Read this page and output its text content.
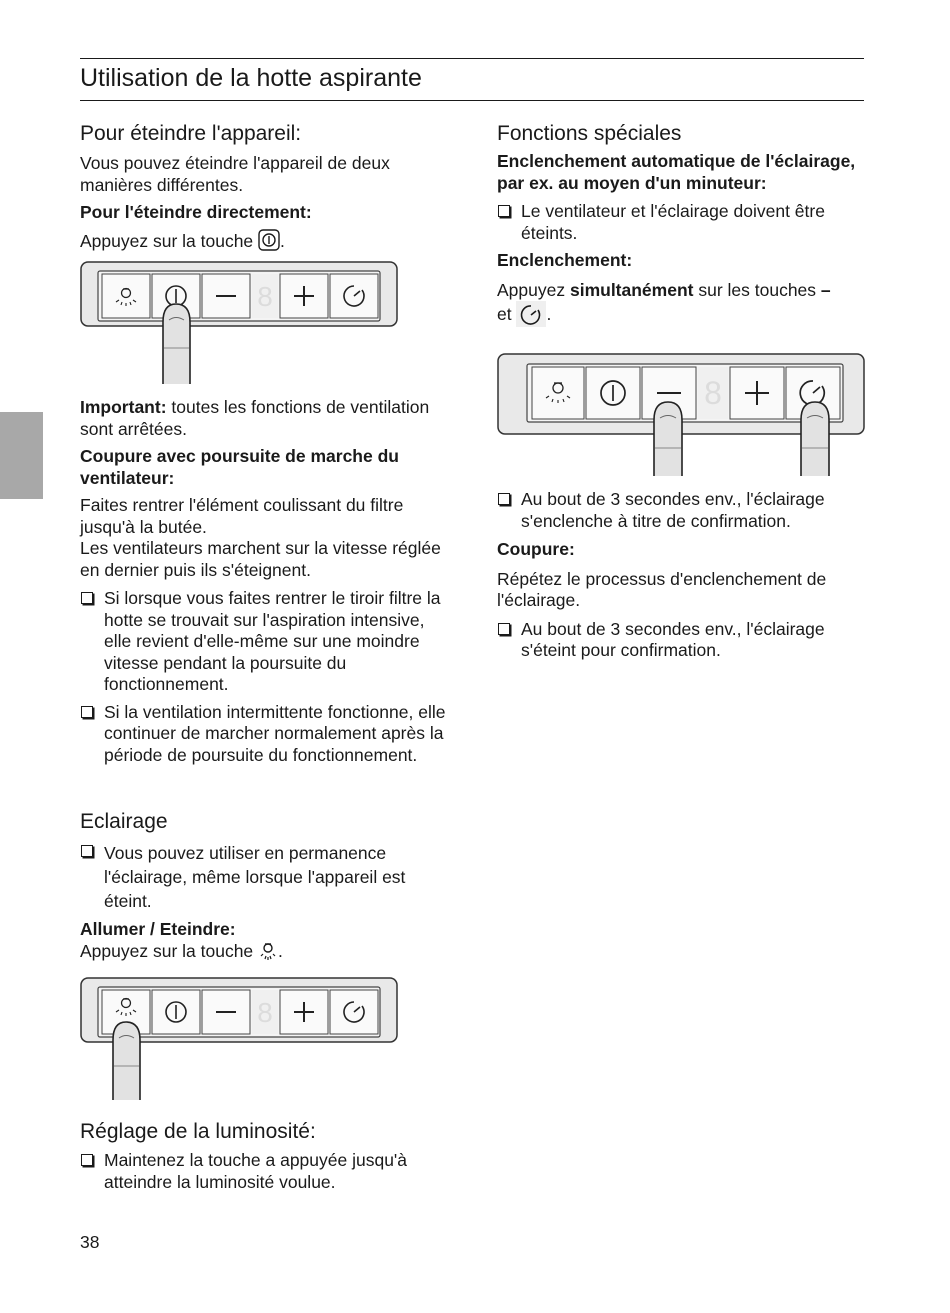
Utilisation de la hotte aspirante
Pour éteindre l'appareil:

Vous pouvez éteindre l'appareil de deux manières différentes.

Pour l'éteindre directement:

Appuyez sur la touche .

8

Important: toutes les fonctions de ventilation sont arrêtées.

Coupure avec poursuite de marche du ventilateur:

Faites rentrer l'élément coulissant du filtre jusqu'à la butée.

Les ventilateurs marchent sur la vitesse réglée en dernier puis ils s'éteignent.

Si lorsque vous faites rentrer le tiroir filtre la hotte se trouvait sur l'aspiration intensive, elle revient d'elle-même sur une moindre vitesse pendant la poursuite du fonctionnement.
Si la ventilation intermittente fonctionne, elle continuer de marcher normalement après la période de poursuite du fonctionnement.
Eclairage
Vous pouvez utiliser en permanence l'éclairage, même lorsque l'appareil est éteint.

Allumer / Eteindre:

Appuyez sur la touche .

8
Réglage de la luminosité:
Maintenez la touche a appuyée jusqu'à atteindre la luminosité voulue.
Fonctions spéciales

Enclenchement automatique de l'éclairage, par ex. au moyen d'un minuteur:

Le ventilateur et l'éclairage doivent être éteints.

Enclenchement:

Appuyez simultanément sur les touches –

et .

8
Au bout de 3 secondes env., l'éclairage s'enclenche à titre de confirmation.

Coupure:

Répétez le processus d'enclenchement de l'éclairage.

Au bout de 3 secondes env., l'éclairage s'éteint pour confirmation.
38
